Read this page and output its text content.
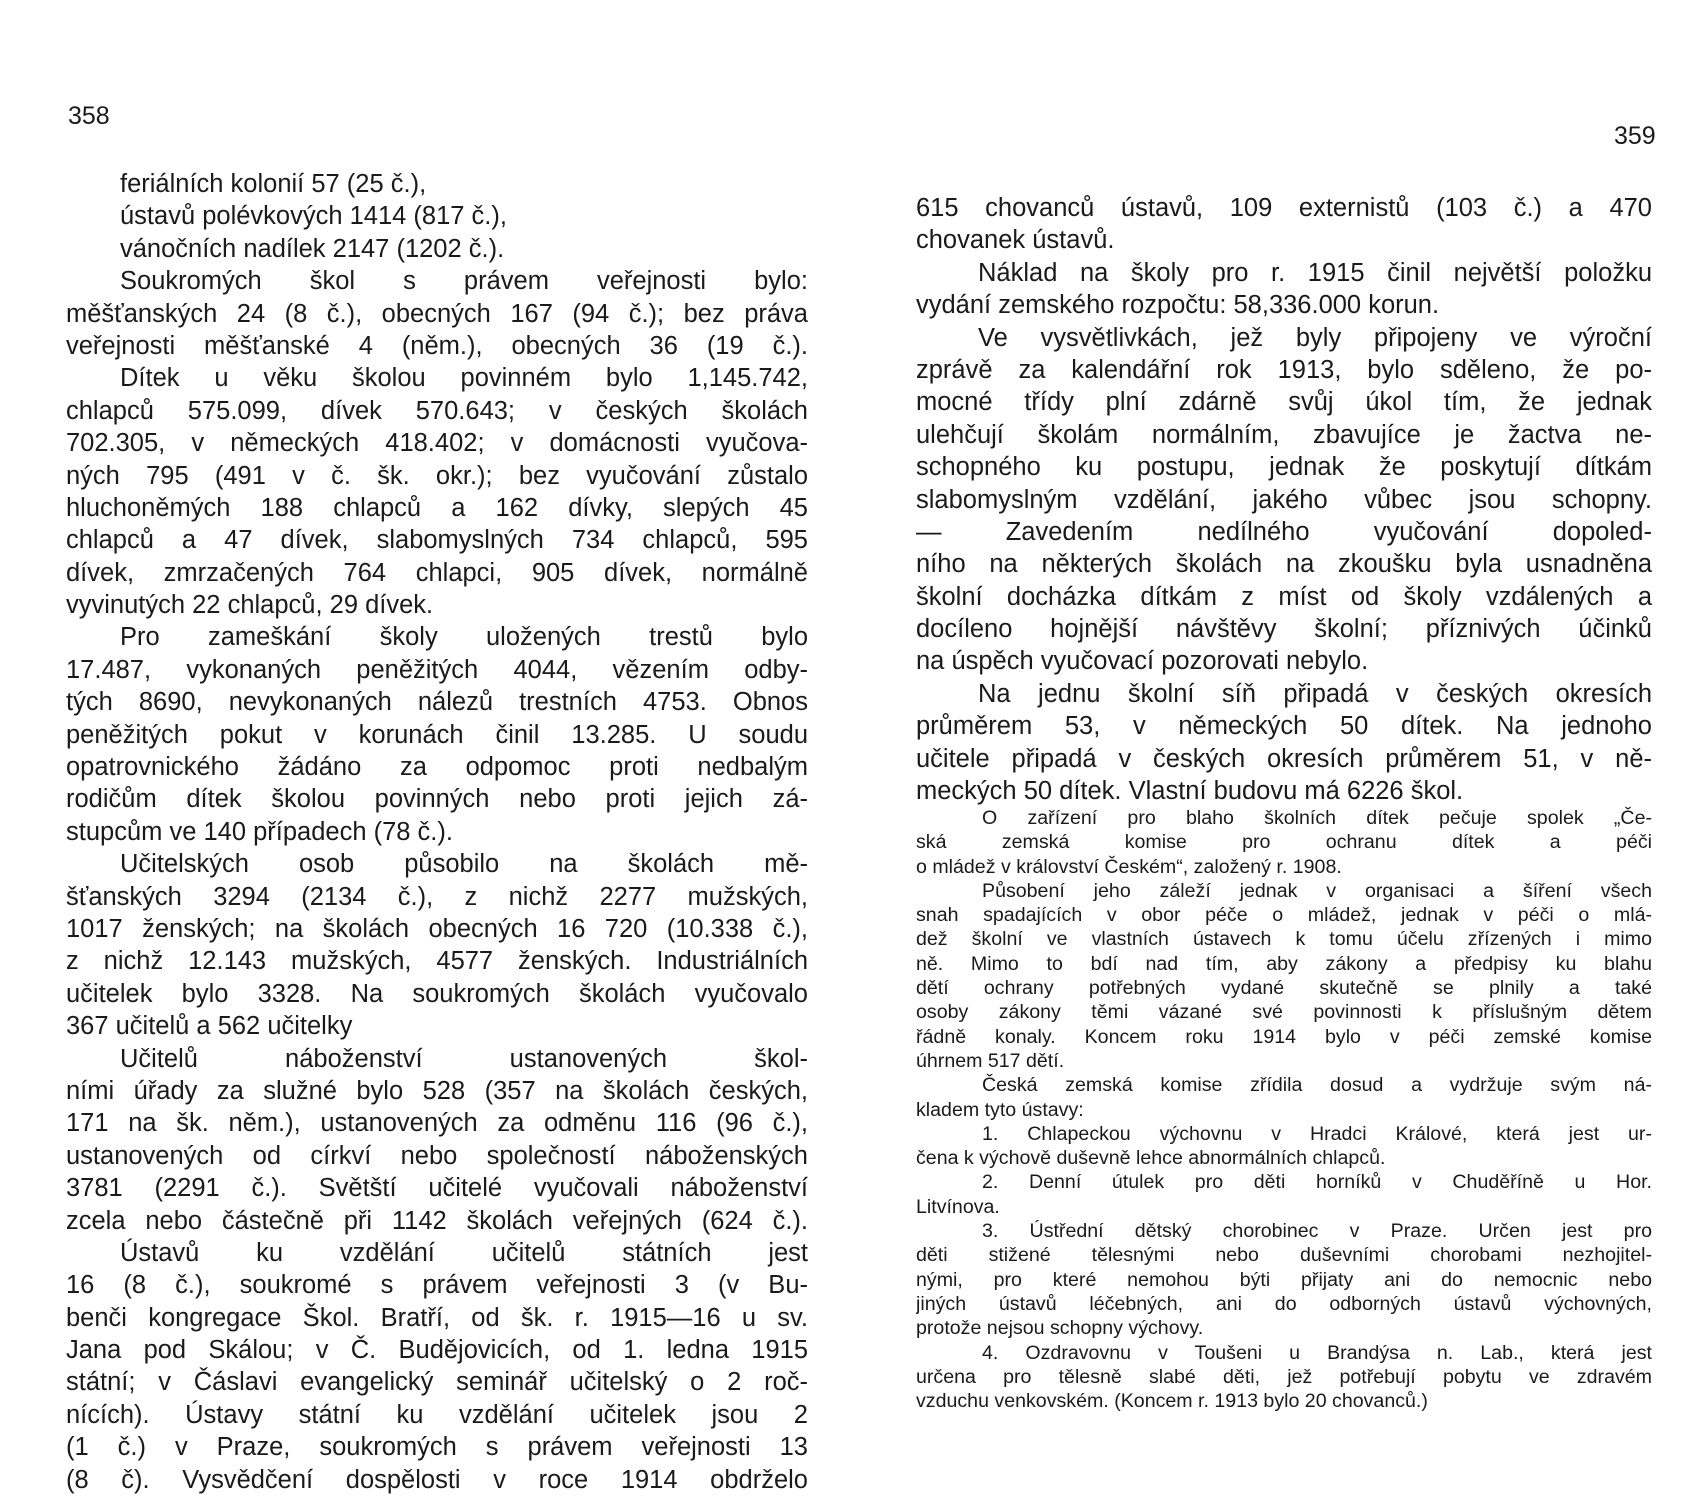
358
359
feriálních kolonií 57 (25 č.),
ústavů polévkových 1414 (817 č.),
vánočních nadílek 2147 (1202 č.).
Soukromých škol s právem veřejnosti bylo:
měšťanských 24 (8 č.), obecných 167 (94 č.); bez práva
veřejnosti měšťanské 4 (něm.), obecných 36 (19 č.).
Dítek u věku školou povinném bylo 1,145.742,
chlapců 575.099, dívek 570.643; v českých školách
702.305, v německých 418.402; v domácnosti vyučova-
ných 795 (491 v č. šk. okr.); bez vyučování zůstalo
hluchoněmých 188 chlapců a 162 dívky, slepých 45
chlapců a 47 dívek, slabomyslných 734 chlapců, 595
dívek, zmrzačených 764 chlapci, 905 dívek, normálně
vyvinutých 22 chlapců, 29 dívek.
Pro zameškání školy uložených trestů bylo
17.487, vykonaných peněžitých 4044, vězením odby-
tých 8690, nevykonaných nálezů trestních 4753. Obnos
peněžitých pokut v korunách činil 13.285. U soudu
opatrovnického žádáno za odpomoc proti nedbalým
rodičům dítek školou povinných nebo proti jejich zá-
stupcům ve 140 případech (78 č.).
Učitelských osob působilo na školách mě-
šťanských 3294 (2134 č.), z nichž 2277 mužských,
1017 ženských; na školách obecných 16 720 (10.338 č.),
z nichž 12.143 mužských, 4577 ženských. Industriálních
učitelek bylo 3328. Na soukromých školách vyučovalo
367 učitelů a 562 učitelky
Učitelů náboženství ustanovených škol-
ními úřady za služné bylo 528 (357 na školách českých,
171 na šk. něm.), ustanovených za odměnu 116 (96 č.),
ustanovených od církví nebo společností náboženských
3781 (2291 č.). Světští učitelé vyučovali náboženství
zcela nebo částečně při 1142 školách veřejných (624 č.).
Ústavů ku vzdělání učitelů státních jest
16 (8 č.), soukromé s právem veřejnosti 3 (v Bu-
benči kongregace Škol. Bratří, od šk. r. 1915—16 u sv.
Jana pod Skálou; v Č. Budějovicích, od 1. ledna 1915
státní; v Čáslavi evangelický seminář učitelský o 2 roč-
nících). Ústavy státní ku vzdělání učitelek jsou 2
(1 č.) v Praze, soukromých s právem veřejnosti 13
(8 č). Vysvědčení dospělosti v roce 1914 obdrželo
615 chovanců ústavů, 109 externistů (103 č.) a 470
chovanek ústavů.
Náklad na školy pro r. 1915 činil největší položku
vydání zemského rozpočtu: 58,336.000 korun.
Ve vysvětlivkách, jež byly připojeny ve výroční
zprávě za kalendářní rok 1913, bylo sděleno, že po-
mocné třídy plní zdárně svůj úkol tím, že jednak
ulehčují školám normálním, zbavujíce je žactva ne-
schopného ku postupu, jednak že poskytují dítkám
slabomyslným vzdělání, jakého vůbec jsou schopny.
— Zavedením nedílného vyučování dopoled-
ního na některých školách na zkoušku byla usnadněna
školní docházka dítkám z míst od školy vzdálených a
docíleno hojnější návštěvy školní; příznivých účinků
na úspěch vyučovací pozorovati nebylo.
Na jednu školní síň připadá v českých okresích
průměrem 53, v německých 50 dítek. Na jednoho
učitele připadá v českých okresích průměrem 51, v ně-
meckých 50 dítek. Vlastní budovu má 6226 škol.
O zařízení pro blaho školních dítek pečuje spolek „Če-
ská zemská komise pro ochranu dítek a péči
o mládež v království Českém“, založený r. 1908.
Působení jeho záleží jednak v organisaci a šíření všech
snah spadajících v obor péče o mládež, jednak v péči o mlá-
dež školní ve vlastních ústavech k tomu účelu zřízených i mimo
ně. Mimo to bdí nad tím, aby zákony a předpisy ku blahu
dětí ochrany potřebných vydané skutečně se plnily a také
osoby zákony těmi vázané své povinnosti k příslušným dětem
řádně konaly. Koncem roku 1914 bylo v péči zemské komise
úhrnem 517 dětí.
Česká zemská komise zřídila dosud a vydržuje svým ná-
kladem tyto ústavy:
1. Chlapeckou výchovnu v Hradci Králové, která jest ur-
čena k výchově duševně lehce abnormálních chlapců.
2. Denní útulek pro děti horníků v Chuděříně u Hor.
Litvínova.
3. Ústřední dětský chorobinec v Praze. Určen jest pro
děti stižené tělesnými nebo duševními chorobami nezhojitel-
nými, pro které nemohou býti přijaty ani do nemocnic nebo
jiných ústavů léčebných, ani do odborných ústavů výchovných,
protože nejsou schopny výchovy.
4. Ozdravovnu v Toušeni u Brandýsa n. Lab., která jest
určena pro tělesně slabé děti, jež potřebují pobytu ve zdravém
vzduchu venkovském. (Koncem r. 1913 bylo 20 chovanců.)
